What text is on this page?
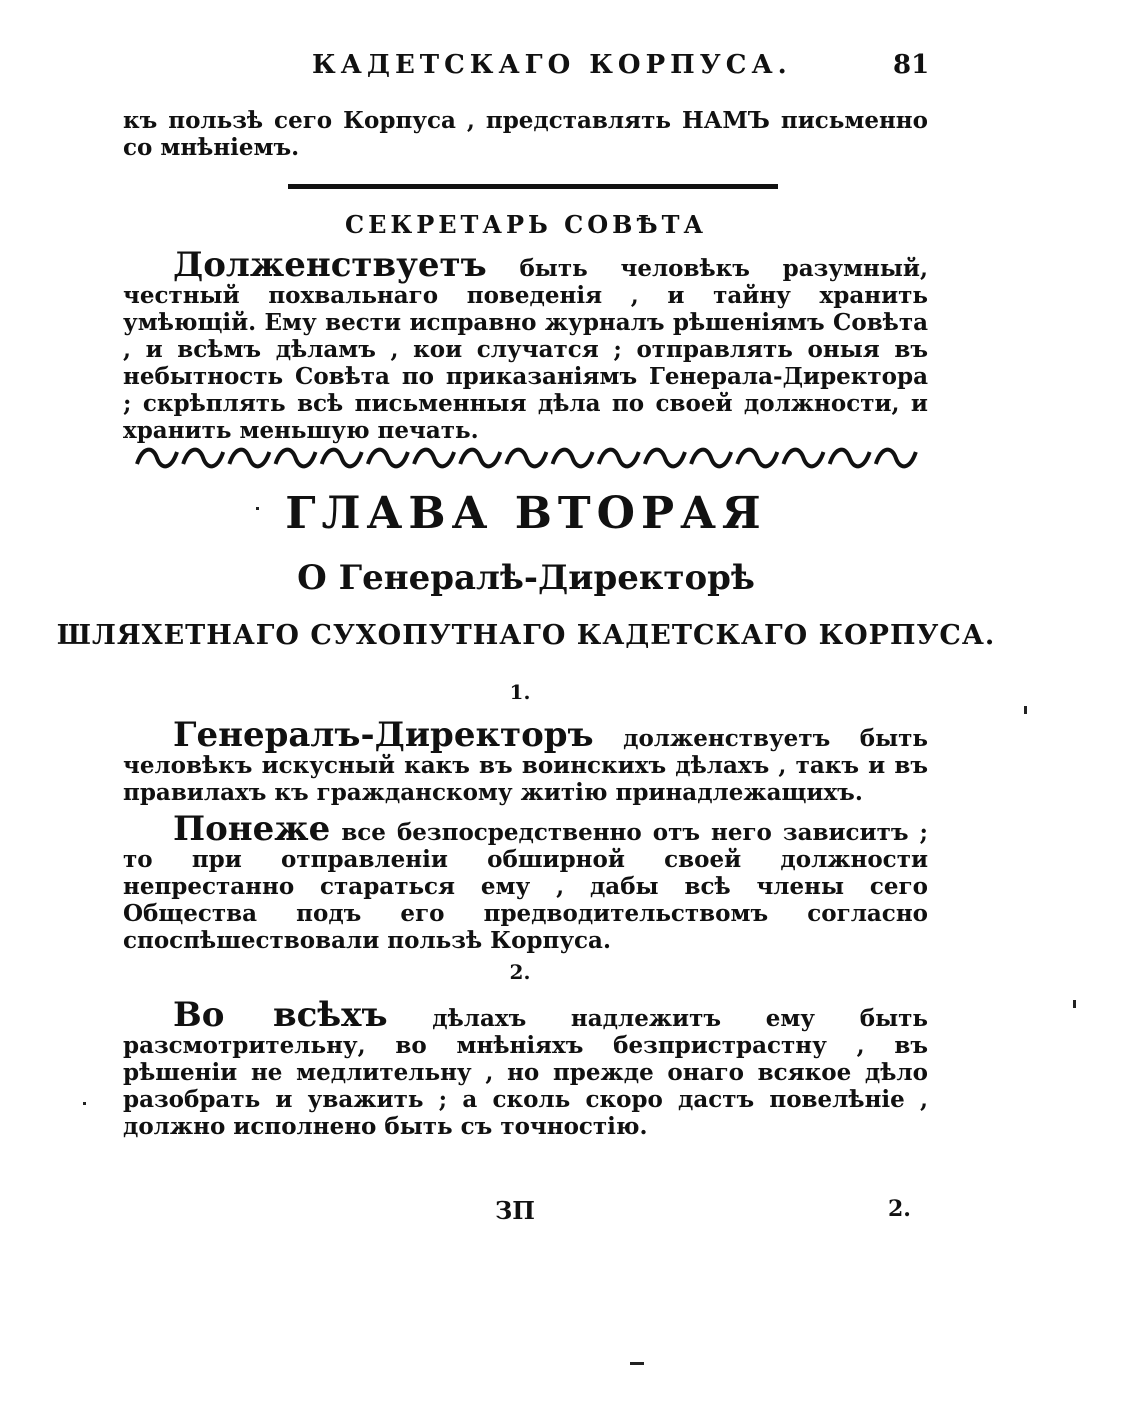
КАДЕТСКАГО КОРПУСА.	81
къ пользѣ сего Корпуса , представлять НАМЪ письменно со мнѣнiемъ.
СЕКРЕТАРЬ СОВѢТА
Долженствуетъ быть человѣкъ разумный, честный похвальнаго поведенiя , и тайну хранить умѣющiй. Ему вести исправно журналъ рѣшенiямъ Совѣта , и всѣмъ дѣламъ , кои случатся ; отправлять оныя въ небытность Совѣта по приказанiямъ Генерала-Директора ; скрѣплять всѣ письменныя дѣла по своей должности, и хранить меньшую печать.
ГЛАВА ВТОРАЯ
О Генералѣ-Директорѣ
ШЛЯХЕТНАГО СУХОПУТНАГО КАДЕТСКАГО КОРПУСА.
1.
Генералъ-Директоръ долженствуетъ быть человѣкъ искусный какъ въ воинскихъ дѣлахъ , такъ и въ правилахъ къ гражданскому житiю принадлежащихъ.
Понеже все безпосредственно отъ него зависитъ ; то при отправленiи обширной своей должности непрестанно стараться ему , дабы всѣ члены сего Общества подъ его предводительствомъ согласно споспѣшествовали пользѣ Корпуса.
2.
Во всѣхъ дѣлахъ надлежитъ ему быть разсмотрительну, во мнѣнiяхъ безпристрастну , въ рѣшенiи не медлительну , но прежде онаго всякое дѣло разобрать и уважить ; а сколь скоро дастъ повелѣнiе , должно исполнено быть съ точностiю.
ЗП	2.
